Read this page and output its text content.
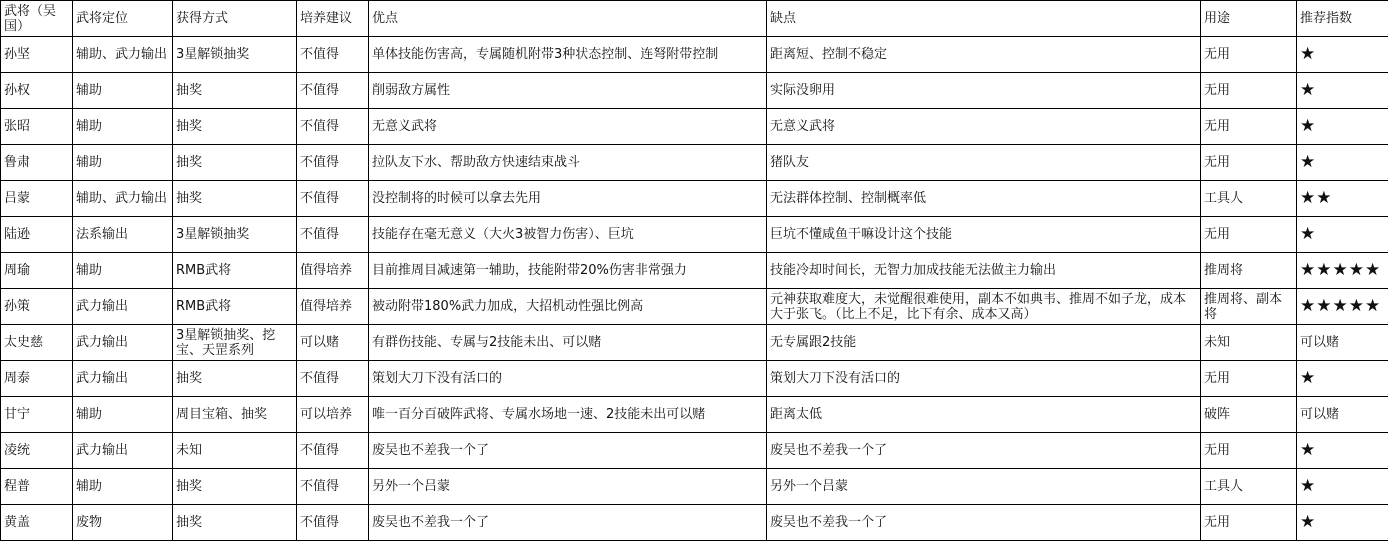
武将（吴国）	武将定位	获得方式	培养建议	优点	缺点	用途	推荐指数
孙坚	辅助、武力输出	3星解锁抽奖	不值得	单体技能伤害高，专属随机附带3种状态控制、连弩附带控制	距离短、控制不稳定	无用	★
孙权	辅助	抽奖	不值得	削弱敌方属性	实际没卵用	无用	★
张昭	辅助	抽奖	不值得	无意义武将	无意义武将	无用	★
鲁肃	辅助	抽奖	不值得	拉队友下水、帮助敌方快速结束战斗	猪队友	无用	★
吕蒙	辅助、武力输出	抽奖	不值得	没控制将的时候可以拿去先用	无法群体控制、控制概率低	工具人	★★
陆逊	法系输出	3星解锁抽奖	不值得	技能存在毫无意义（大火3被智力伤害）、巨坑	巨坑不懂咸鱼干嘛设计这个技能	无用	★
周瑜	辅助	RMB武将	值得培养	目前推周目减速第一辅助，技能附带20%伤害非常强力	技能冷却时间长，无智力加成技能无法做主力输出	推周将	★★★★★
孙策	武力输出	RMB武将	值得培养	被动附带180%武力加成，大招机动性强比例高	元神获取难度大，未觉醒很难使用，副本不如典韦、推周不如子龙，成本大于张飞。（比上不足，比下有余、成本又高）	推周将、副本将	★★★★★
太史慈	武力输出	3星解锁抽奖、挖宝、天罡系列	可以赌	有群伤技能、专属与2技能未出、可以赌	无专属跟2技能	未知	可以赌
周泰	武力输出	抽奖	不值得	策划大刀下没有活口的	策划大刀下没有活口的	无用	★
甘宁	辅助	周目宝箱、抽奖	可以培养	唯一百分百破阵武将、专属水场地一速、2技能未出可以赌	距离太低	破阵	可以赌
凌统	武力输出	未知	不值得	废吴也不差我一个了	废吴也不差我一个了	无用	★
程普	辅助	抽奖	不值得	另外一个吕蒙	另外一个吕蒙	工具人	★
黄盖	废物	抽奖	不值得	废吴也不差我一个了	废吴也不差我一个了	无用	★
